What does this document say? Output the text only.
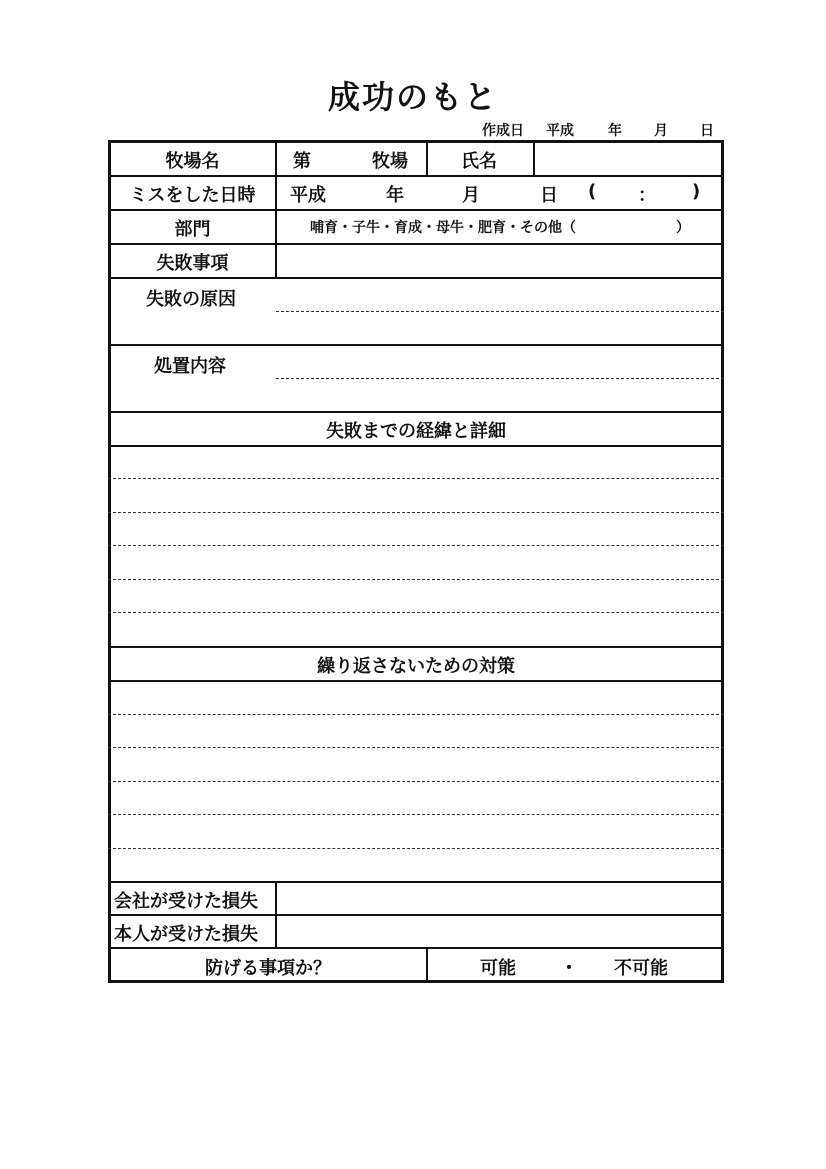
成功のもと
作成日 平成 年 月 日
牧場名	第	牧場	氏名
ミスをした日時	平成	年	月	日 ( ： )
部門	哺育・子牛・育成・母牛・肥育・その他（	）
失敗事項
失敗の原因
処置内容
失敗までの経緯と詳細
繰り返さないための対策
会社が受けた損失
本人が受けた損失
防げる事項か？	可能 ・ 不可能
